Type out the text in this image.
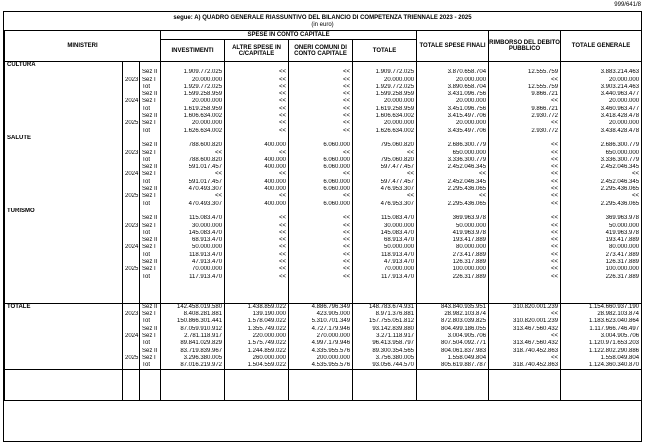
999/641/8
segue: A) QUADRO GENERALE RIASSUNTIVO DEL BILANCIO DI COMPETENZA TRIENNALE 2023 - 2025
(in euro)
MINISTERI			SPESE IN CONTO CAPITALE				TOTALE SPESE FINALI	RIMBORSO DEL DEBITO PUBBLICO	TOTALE GENERALE
			INVESTIMENTI	ALTRE SPESE IN C/CAPITALE	ONERI COMUNI DI CONTO CAPITALE	TOTALE			
CULTURA									
		Sez II	1.909.772.025	<<	<<	1.909.772.025	3.870.658.704	12.555.759	3.883.214.463
	2023	Sez I	20.000.000	<<	<<	20.000.000	20.000.000	<<	20.000.000
		Tot	1.929.772.025	<<	<<	1.929.772.025	3.890.658.704	12.555.759	3.903.214.463
		Sez II	1.599.258.959	<<	<<	1.599.258.959	3.431.096.756	9.866.721	3.440.963.477
	2024	Sez I	20.000.000	<<	<<	20.000.000	20.000.000	<<	20.000.000
		Tot	1.619.258.959	<<	<<	1.619.258.959	3.451.096.756	9.866.721	3.460.963.477
		Sez II	1.606.634.002	<<	<<	1.606.634.002	3.415.497.706	2.930.772	3.418.428.478
	2025	Sez I	20.000.000	<<	<<	20.000.000	20.000.000	<<	20.000.000
		Tot	1.626.634.002	<<	<<	1.626.634.002	3.435.497.706	2.930.772	3.438.428.478
SALUTE									
		Sez II	788.600.820	400.000	6.060.000	795.060.820	2.686.300.779	<<	2.686.300.779
	2023	Sez I	<<	<<	<<	<<	650.000.000	<<	650.000.000
		Tot	788.600.820	400.000	6.060.000	795.060.820	3.336.300.779	<<	3.336.300.779
		Sez II	591.017.457	400.000	6.060.000	597.477.457	2.452.046.345	<<	2.452.046.345
	2024	Sez I	<<	<<	<<	<<	<<	<<	<<
		Tot	591.017.457	400.000	6.060.000	597.477.457	2.452.046.345	<<	2.452.046.345
		Sez II	470.493.307	400.000	6.060.000	476.953.307	2.295.436.065	<<	2.295.436.065
	2025	Sez I	<<	<<	<<	<<	<<	<<	<<
		Tot	470.493.307	400.000	6.060.000	476.953.307	2.295.436.065	<<	2.295.436.065
TURISMO									
		Sez II	115.083.470	<<	<<	115.083.470	369.963.978	<<	369.963.978
	2023	Sez I	30.000.000	<<	<<	30.000.000	50.000.000	<<	50.000.000
		Tot	145.083.470	<<	<<	145.083.470	419.963.978	<<	419.963.978
		Sez II	68.913.470	<<	<<	68.913.470	193.417.889	<<	193.417.889
	2024	Sez I	50.000.000	<<	<<	50.000.000	80.000.000	<<	80.000.000
		Tot	118.913.470	<<	<<	118.913.470	273.417.889	<<	273.417.889
		Sez II	47.913.470	<<	<<	47.913.470	126.317.889	<<	126.317.889
	2025	Sez I	70.000.000	<<	<<	70.000.000	100.000.000	<<	100.000.000
		Tot	117.913.470	<<	<<	117.913.470	226.317.889	<<	226.317.889

TOTALE		Sez II	142.458.019.580	1.438.859.022	4.886.796.349	148.783.674.931	843.840.935.951	310.820.001.239	1.154.660.937.190
	2023	Sez I	8.408.281.881	139.190.000	423.905.000	8.971.376.881	28.982.103.874	<<	28.982.103.874
		Tot	150.866.301.441	1.578.049.022	5.310.701.349	157.755.051.812	872.803.039.825	310.820.001.239	1.183.623.040.864
		Sez II	87.059.910.912	1.355.749.022	4.727.179.946	93.142.839.880	804.499.186.055	313.467.560.432	1.117.966.746.497
	2024	Sez I	2.781.118.917	220.000.000	270.000.000	3.271.118.917	3.004.905.706	<<	3.004.905.706
		Tot	89.841.029.829	1.575.749.022	4.997.179.946	96.413.958.797	807.504.092.771	313.467.560.432	1.120.971.653.203
		Sez II	83.719.839.967	1.244.859.022	4.335.955.576	89.300.354.565	804.061.837.983	318.740.452.863	1.122.802.290.886
	2025	Sez I	3.296.380.005	260.000.000	200.000.000	3.756.380.005	1.558.049.804	<<	1.558.049.804
		Tot	87.016.219.972	1.504.559.022	4.535.955.576	93.056.744.570	805.619.887.787	318.740.452.863	1.124.360.340.870
